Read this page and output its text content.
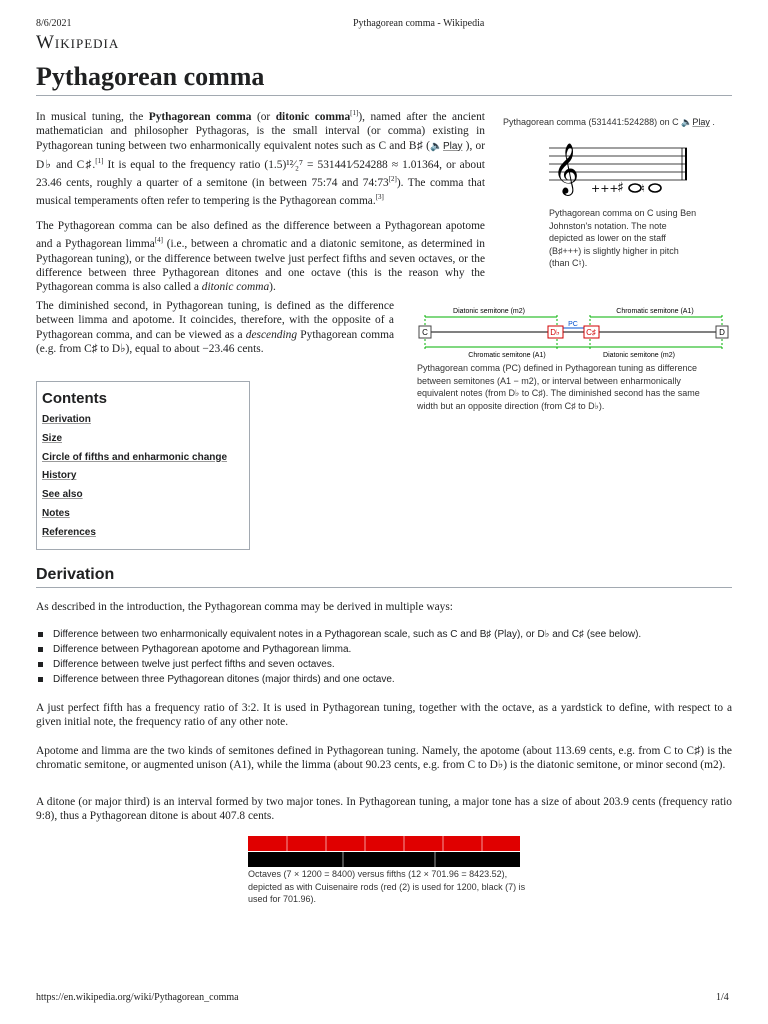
8/6/2021	Pythagorean comma - Wikipedia
Wikipedia
Pythagorean comma
In musical tuning, the Pythagorean comma (or ditonic comma[1]), named after the ancient mathematician and philosopher Pythagoras, is the small interval (or comma) existing in Pythagorean tuning between two enharmonically equivalent notes such as C and B♯ (🔈Play ), or D♭ and C♯.[1] It is equal to the frequency ratio (1.5)¹²⁄₂⁷ = 531441⁄524288 ≈ 1.01364, or about 23.46 cents, roughly a quarter of a semitone (in between 75:74 and 74:73[2]). The comma that musical temperaments often refer to tempering is the Pythagorean comma.[3]
The Pythagorean comma can be also defined as the difference between a Pythagorean apotome and a Pythagorean limma[4] (i.e., between a chromatic and a diatonic semitone, as determined in Pythagorean tuning), or the difference between twelve just perfect fifths and seven octaves, or the difference between three Pythagorean ditones and one octave (this is the reason why the Pythagorean comma is also called a ditonic comma).
The diminished second, in Pythagorean tuning, is defined as the difference between limma and apotome. It coincides, therefore, with the opposite of a Pythagorean comma, and can be viewed as a descending Pythagorean comma (e.g. from C♯ to D♭), equal to about −23.46 cents.
Pythagorean comma (531441:524288) on C 🔈Play .
𝄞 +++
♯ ♮
Pythagorean comma on C using Ben Johnston's notation. The note depicted as lower on the staff (B♯+++) is slightly higher in pitch (than C♮).
Diatonic semitone (m2)	Chromatic semitone (A1)
PC
C	D♭	C♯	D
Chromatic semitone (A1)	Diatonic semitone (m2)
Pythagorean comma (PC) defined in Pythagorean tuning as difference between semitones (A1 − m2), or interval between enharmonically equivalent notes (from D♭ to C♯). The diminished second has the same width but an opposite direction (from C♯ to D♭).
Contents
Derivation
Size
Circle of fifths and enharmonic change
History
See also
Notes
References
Derivation
As described in the introduction, the Pythagorean comma may be derived in multiple ways:
Difference between two enharmonically equivalent notes in a Pythagorean scale, such as C and B♯ (Play), or D♭ and C♯ (see below).
Difference between Pythagorean apotome and Pythagorean limma.
Difference between twelve just perfect fifths and seven octaves.
Difference between three Pythagorean ditones (major thirds) and one octave.
A just perfect fifth has a frequency ratio of 3:2. It is used in Pythagorean tuning, together with the octave, as a yardstick to define, with respect to a given initial note, the frequency ratio of any other note.
Apotome and limma are the two kinds of semitones defined in Pythagorean tuning. Namely, the apotome (about 113.69 cents, e.g. from C to C♯) is the chromatic semitone, or augmented unison (A1), while the limma (about 90.23 cents, e.g. from C to D♭) is the diatonic semitone, or minor second (m2).
A ditone (or major third) is an interval formed by two major tones. In Pythagorean tuning, a major tone has a size of about 203.9 cents (frequency ratio 9:8), thus a Pythagorean ditone is about 407.8 cents.
Octaves (7 × 1200 = 8400) versus fifths (12 × 701.96 = 8423.52), depicted as with Cuisenaire rods (red (2) is used for 1200, black (7) is used for 701.96).
https://en.wikipedia.org/wiki/Pythagorean_comma	1/4
